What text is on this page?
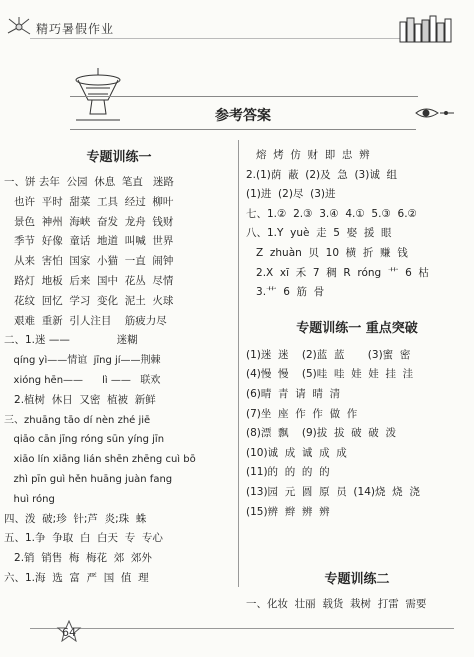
精巧暑假作业
参考答案
专题训练一
一、饼 去年  公园  休息  笔直   迷路
也许  平时  甜菜  工具  经过  柳叶
景色  神州  海峡  奋发  龙舟  钱财
季节  好像  童话  地道  叫喊  世界
从来  害怕  国家  小猫  一直  闹钟
路灯  地板  后来  国中  花丛  尽情
花纹  回忆  学习  变化  泥土  火球
艰难  重新  引人注目    筋疲力尽
二、1.迷 ——              迷糊
qíng yì——情谊  jīng jí——荆棘
xióng hēn——      lì ——   联欢
2.植树  休日  又密  植被  新鲜
三、zhuāng tāo dí nèn zhé jiē
qiāo cān jīng róng sūn yíng jīn
xiāo lín xiāng lián shēn zhēng cuì bō
zhì pīn guì hěn huāng juàn fang
huì róng
四、泼  破;珍  针;芦  炎;珠  蛛
五、1.争  争取  白  白天  专  专心
2.销  销售  梅  梅花  郊  郊外
六、1.海  选  富  严  国  值  理
熔  烤  仿  财  即  忠  辨
2.(1)荫  蔽  (2)及  急  (3)诚  组
(1)进  (2)尽  (3)进
七、1.②  2.③  3.④  4.①  5.③  6.②
八、1.Y  yuè  走  5  娶  援  眼
Z  zhuàn  贝  10  横  折  赚  钱
2.X  xī  禾  7  稠  R  róng  艹  6  枯
3.艹  6  筋  骨
专题训练一 重点突破
(1)迷  迷    (2)蓝  蓝       (3)蜜  密
(4)慢  慢    (5)哇  哇  娃  娃  挂  洼
(6)晴  青  请  晴  清
(7)坐  座  作  作  做  作
(8)漂  飘    (9)拔  拔  破  破  泼
(10)诚  成  诚  成  成
(11)的  的  的  的
(13)园  元  圆  原  员  (14)烧  烧  浇
(15)辨  辫  辨  辨
专题训练二
一、化妆  壮丽  载货  栽树  打雷  需要
64
